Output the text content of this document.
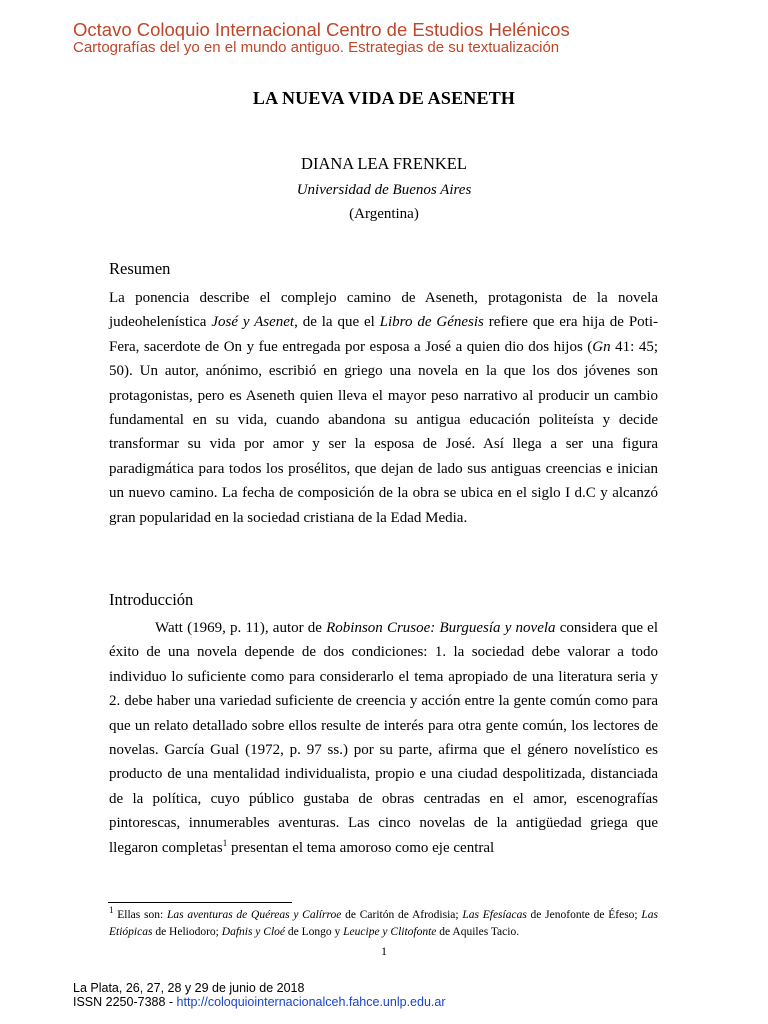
Octavo Coloquio Internacional Centro de Estudios Helénicos
Cartografías del yo en el mundo antiguo. Estrategias de su textualización
LA NUEVA VIDA DE ASENETH
DIANA LEA FRENKEL
Universidad de Buenos Aires
(Argentina)
Resumen

La ponencia describe el complejo camino de Aseneth, protagonista de la novela judeohelenística José y Asenet, de la que el Libro de Génesis refiere que era hija de Poti-Fera, sacerdote de On y fue entregada por esposa a José a quien dio dos hijos (Gn 41: 45; 50). Un autor, anónimo, escribió en griego una novela en la que los dos jóvenes son protagonistas, pero es Aseneth quien lleva el mayor peso narrativo al producir un cambio fundamental en su vida, cuando abandona su antigua educación politeísta y decide transformar su vida por amor y ser la esposa de José. Así llega a ser una figura paradigmática para todos los prosélitos, que dejan de lado sus antiguas creencias e inician un nuevo camino. La fecha de composición de la obra se ubica en el siglo I d.C y alcanzó gran popularidad en la sociedad cristiana de la Edad Media.

Introducción

Watt (1969, p. 11), autor de Robinson Crusoe: Burguesía y novela considera que el éxito de una novela depende de dos condiciones: 1. la sociedad debe valorar a todo individuo lo suficiente como para considerarlo el tema apropiado de una literatura seria y 2. debe haber una variedad suficiente de creencia y acción entre la gente común como para que un relato detallado sobre ellos resulte de interés para otra gente común, los lectores de novelas. García Gual (1972, p. 97 ss.) por su parte, afirma que el género novelístico es producto de una mentalidad individualista, propio e una ciudad despolitizada, distanciada de la política, cuyo público gustaba de obras centradas en el amor, escenografías pintorescas, innumerables aventuras. Las cinco novelas de la antigüedad griega que llegaron completas$^1$ presentan el tema amoroso como eje central

$^1$ Ellas son: Las aventuras de Quéreas y Calírroe de Caritón de Afrodisia; Las Efesíacas de Jenofonte de Éfeso; Las Etiópicas de Heliodoro; Dafnis y Cloé de Longo y Leucipe y Clitofonte de Aquiles Tacio.

1
La Plata, 26, 27, 28 y 29 de junio de 2018
ISSN 2250-7388 - http://coloquiointernacionalceh.fahce.unlp.edu.ar
